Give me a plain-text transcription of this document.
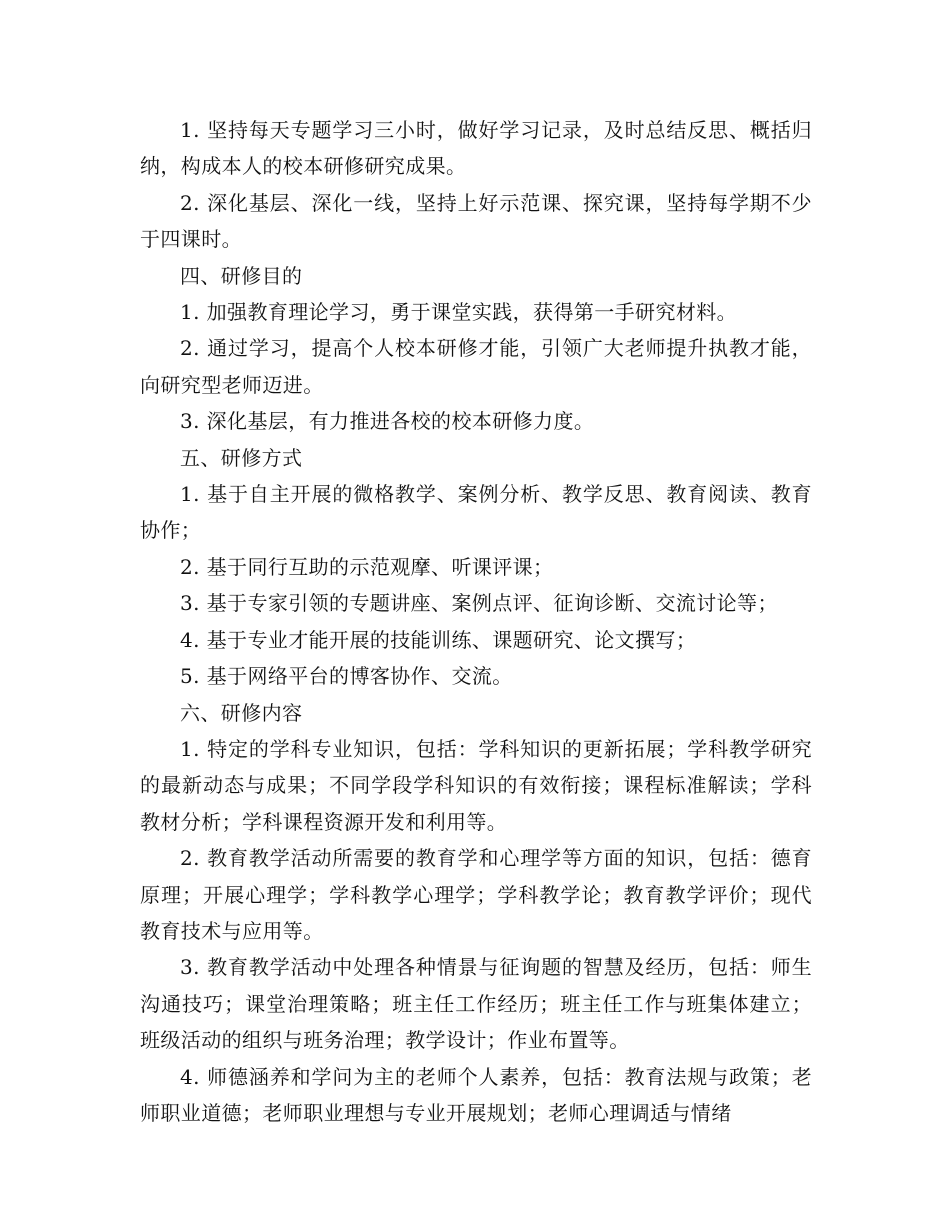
1. 坚持每天专题学习三小时，做好学习记录，及时总结反思、概括归纳，构成本人的校本研修研究成果。

2. 深化基层、深化一线，坚持上好示范课、探究课，坚持每学期不少于四课时。

四、研修目的

1. 加强教育理论学习，勇于课堂实践，获得第一手研究材料。

2. 通过学习，提高个人校本研修才能，引领广大老师提升执教才能，向研究型老师迈进。

3. 深化基层，有力推进各校的校本研修力度。

五、研修方式

1. 基于自主开展的微格教学、案例分析、教学反思、教育阅读、教育协作；

2. 基于同行互助的示范观摩、听课评课；

3. 基于专家引领的专题讲座、案例点评、征询诊断、交流讨论等；

4. 基于专业才能开展的技能训练、课题研究、论文撰写；

5. 基于网络平台的博客协作、交流。

六、研修内容

1. 特定的学科专业知识，包括：学科知识的更新拓展；学科教学研究的最新动态与成果；不同学段学科知识的有效衔接；课程标准解读；学科教材分析；学科课程资源开发和利用等。

2. 教育教学活动所需要的教育学和心理学等方面的知识，包括：德育原理；开展心理学；学科教学心理学；学科教学论；教育教学评价；现代教育技术与应用等。

3. 教育教学活动中处理各种情景与征询题的智慧及经历，包括：师生沟通技巧；课堂治理策略；班主任工作经历；班主任工作与班集体建立；班级活动的组织与班务治理；教学设计；作业布置等。

4. 师德涵养和学问为主的老师个人素养，包括：教育法规与政策；老师职业道德；老师职业理想与专业开展规划；老师心理调适与情绪
